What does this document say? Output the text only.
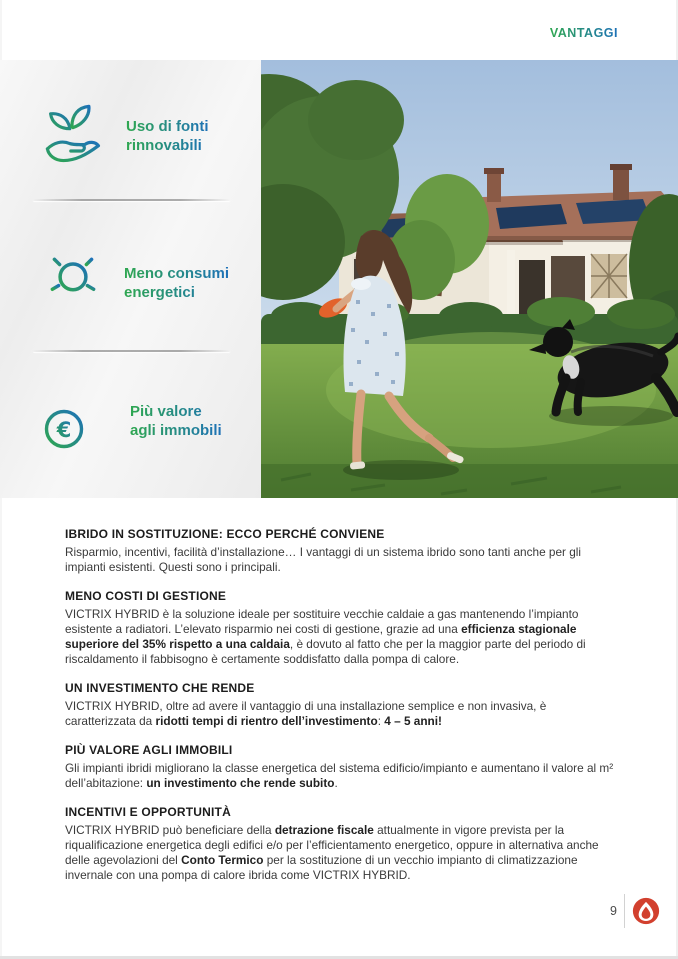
VANTAGGI
Uso di fonti
rinnovabili
Meno consumi
energetici
€
Più valore
agli immobili
IBRIDO IN SOSTITUZIONE: ECCO PERCHÉ CONVIENE

Risparmio, incentivi, facilità d’installazione… I vantaggi di un sistema ibrido sono tanti anche per gli impianti esistenti. Questi sono i principali.

MENO COSTI DI GESTIONE

VICTRIX HYBRID è la soluzione ideale per sostituire vecchie caldaie a gas mantenendo l’impianto esistente a radiatori. L’elevato risparmio nei costi di gestione, grazie ad una efficienza stagionale superiore del 35% rispetto a una caldaia, è dovuto al fatto che per la maggior parte del periodo di riscaldamento il fabbisogno è certamente soddisfatto dalla pompa di calore.

UN INVESTIMENTO CHE RENDE

VICTRIX HYBRID, oltre ad avere il vantaggio di una installazione semplice e non invasiva, è caratterizzata da ridotti tempi di rientro dell’investimento: 4 – 5 anni!

PIÙ VALORE AGLI IMMOBILI

Gli impianti ibridi migliorano la classe energetica del sistema edificio/impianto e aumentano il valore al m² dell’abitazione: un investimento che rende subito.

INCENTIVI E OPPORTUNITÀ

VICTRIX HYBRID può beneficiare della detrazione fiscale attualmente in vigore prevista per la riqualificazione energetica degli edifici e/o per l’efficientamento energetico, oppure in alternativa anche delle agevolazioni del Conto Termico per la sostituzione di un vecchio impianto di climatizzazione invernale con una pompa di calore ibrida come VICTRIX HYBRID.

9
